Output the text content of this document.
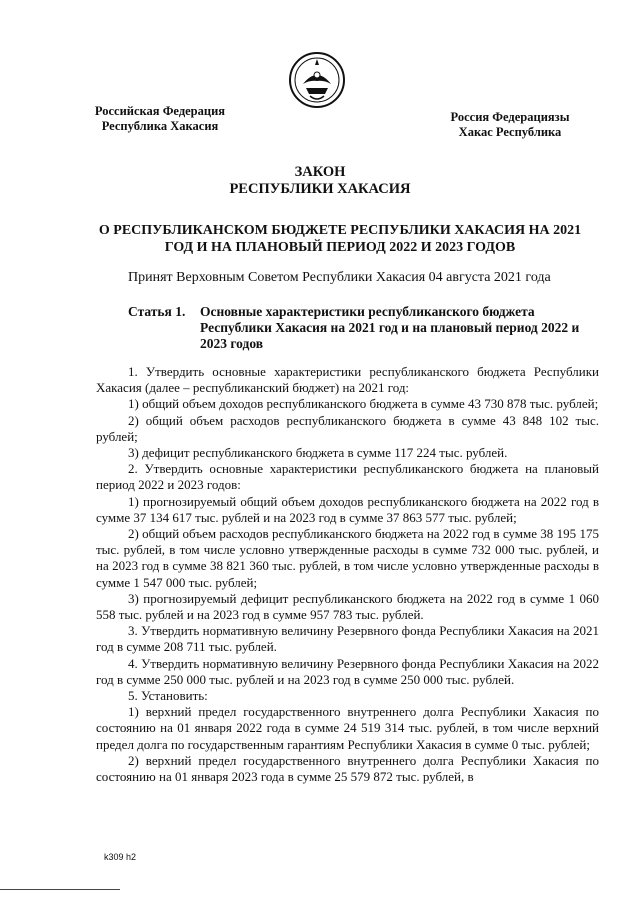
Российская Федерация
Республика Хакасия
Россия Федерациязы
Хакас Республика
ЗАКОН
РЕСПУБЛИКИ ХАКАСИЯ
О РЕСПУБЛИКАНСКОМ БЮДЖЕТЕ РЕСПУБЛИКИ ХАКАСИЯ НА 2021 ГОД И НА ПЛАНОВЫЙ ПЕРИОД 2022 И 2023 ГОДОВ
Принят Верховным Советом Республики Хакасия 04 августа 2021 года
Статья 1. Основные характеристики республиканского бюджета Республики Хакасия на 2021 год и на плановый период 2022 и 2023 годов

1. Утвердить основные характеристики республиканского бюджета Республики Хакасия (далее – республиканский бюджет) на 2021 год:

1) общий объем доходов республиканского бюджета в сумме 43 730 878 тыс. рублей;

2) общий объем расходов республиканского бюджета в сумме 43 848 102 тыс. рублей;

3) дефицит республиканского бюджета в сумме 117 224 тыс. рублей.

2. Утвердить основные характеристики республиканского бюджета на плановый период 2022 и 2023 годов:

1) прогнозируемый общий объем доходов республиканского бюджета на 2022 год в сумме 37 134 617 тыс. рублей и на 2023 год в сумме 37 863 577 тыс. рублей;

2) общий объем расходов республиканского бюджета на 2022 год в сумме 38 195 175 тыс. рублей, в том числе условно утвержденные расходы в сумме 732 000 тыс. рублей, и на 2023 год в сумме 38 821 360 тыс. рублей, в том числе условно утвержденные расходы в сумме 1 547 000 тыс. рублей;

3) прогнозируемый дефицит республиканского бюджета на 2022 год в сумме 1 060 558 тыс. рублей и на 2023 год в сумме 957 783 тыс. рублей.

3. Утвердить нормативную величину Резервного фонда Республики Хакасия на 2021 год в сумме 208 711 тыс. рублей.

4. Утвердить нормативную величину Резервного фонда Республики Хакасия на 2022 год в сумме 250 000 тыс. рублей и на 2023 год в сумме 250 000 тыс. рублей.

5. Установить:

1) верхний предел государственного внутреннего долга Республики Хакасия по состоянию на 01 января 2022 года в сумме 24 519 314 тыс. рублей, в том числе верхний предел долга по государственным гарантиям Республики Хакасия в сумме 0 тыс. рублей;

2) верхний предел государственного внутреннего долга Республики Хакасия по состоянию на 01 января 2023 года в сумме 25 579 872 тыс. рублей, в

k309 h2
